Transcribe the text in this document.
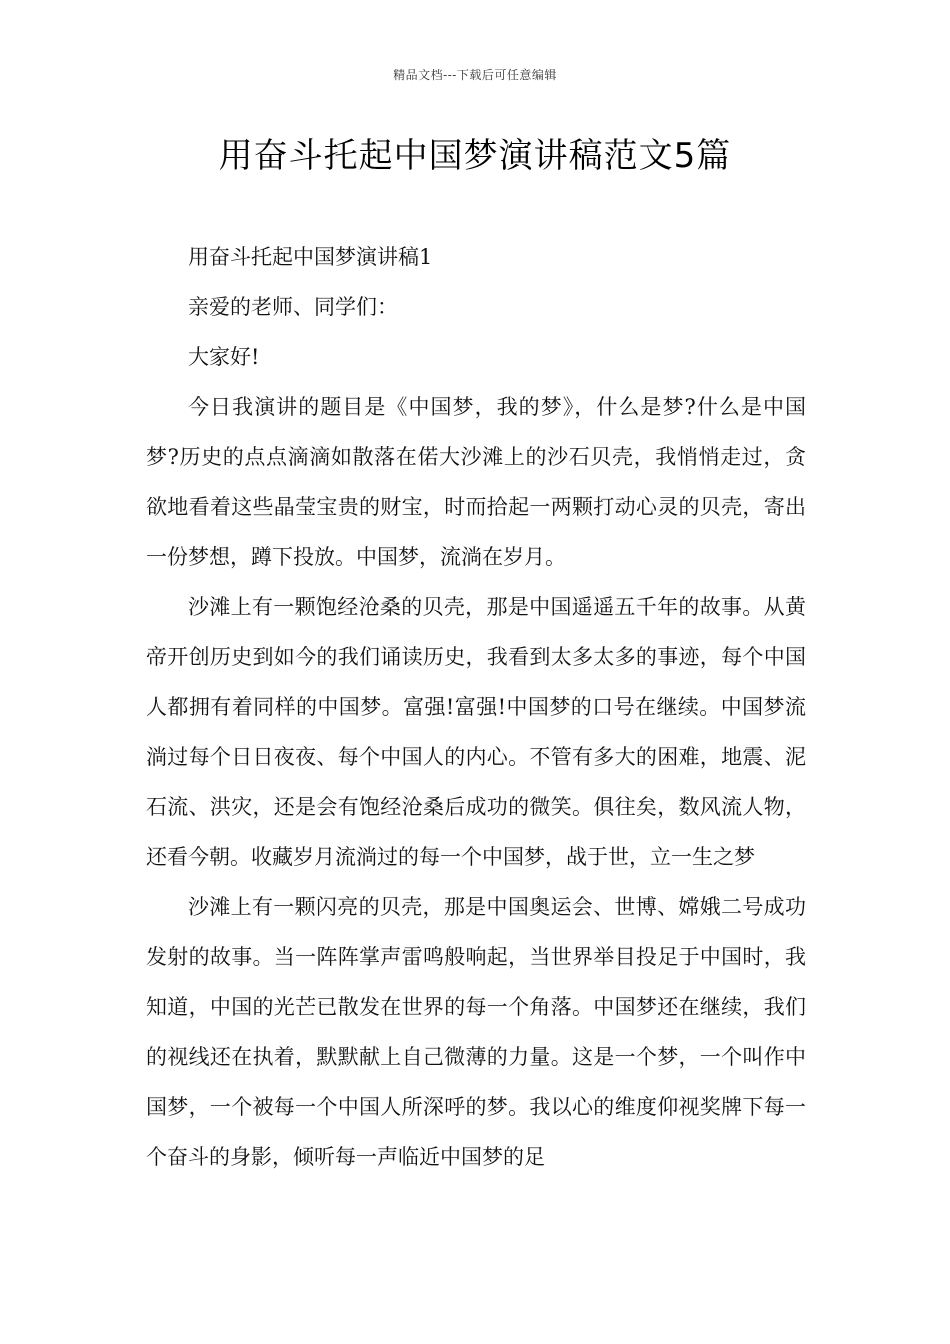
精品文档---下载后可任意编辑
用奋斗托起中国梦演讲稿范文5篇

用奋斗托起中国梦演讲稿1

亲爱的老师、同学们：

大家好!

今日我演讲的题目是《中国梦，我的梦》，什么是梦?什么是中国梦?历史的点点滴滴如散落在偌大沙滩上的沙石贝壳，我悄悄走过，贪欲地看着这些晶莹宝贵的财宝，时而拾起一两颗打动心灵的贝壳，寄出一份梦想，蹲下投放。中国梦，流淌在岁月。

沙滩上有一颗饱经沧桑的贝壳，那是中国遥遥五千年的故事。从黄帝开创历史到如今的我们诵读历史，我看到太多太多的事迹，每个中国人都拥有着同样的中国梦。富强!富强!中国梦的口号在继续。中国梦流淌过每个日日夜夜、每个中国人的内心。不管有多大的困难，地震、泥石流、洪灾，还是会有饱经沧桑后成功的微笑。俱往矣，数风流人物，还看今朝。收藏岁月流淌过的每一个中国梦，战于世，立一生之梦

沙滩上有一颗闪亮的贝壳，那是中国奥运会、世博、嫦娥二号成功发射的故事。当一阵阵掌声雷鸣般响起，当世界举目投足于中国时，我知道，中国的光芒已散发在世界的每一个角落。中国梦还在继续，我们的视线还在执着，默默献上自己微薄的力量。这是一个梦，一个叫作中国梦，一个被每一个中国人所深呼的梦。我以心的维度仰视奖牌下每一个奋斗的身影，倾听每一声临近中国梦的足
